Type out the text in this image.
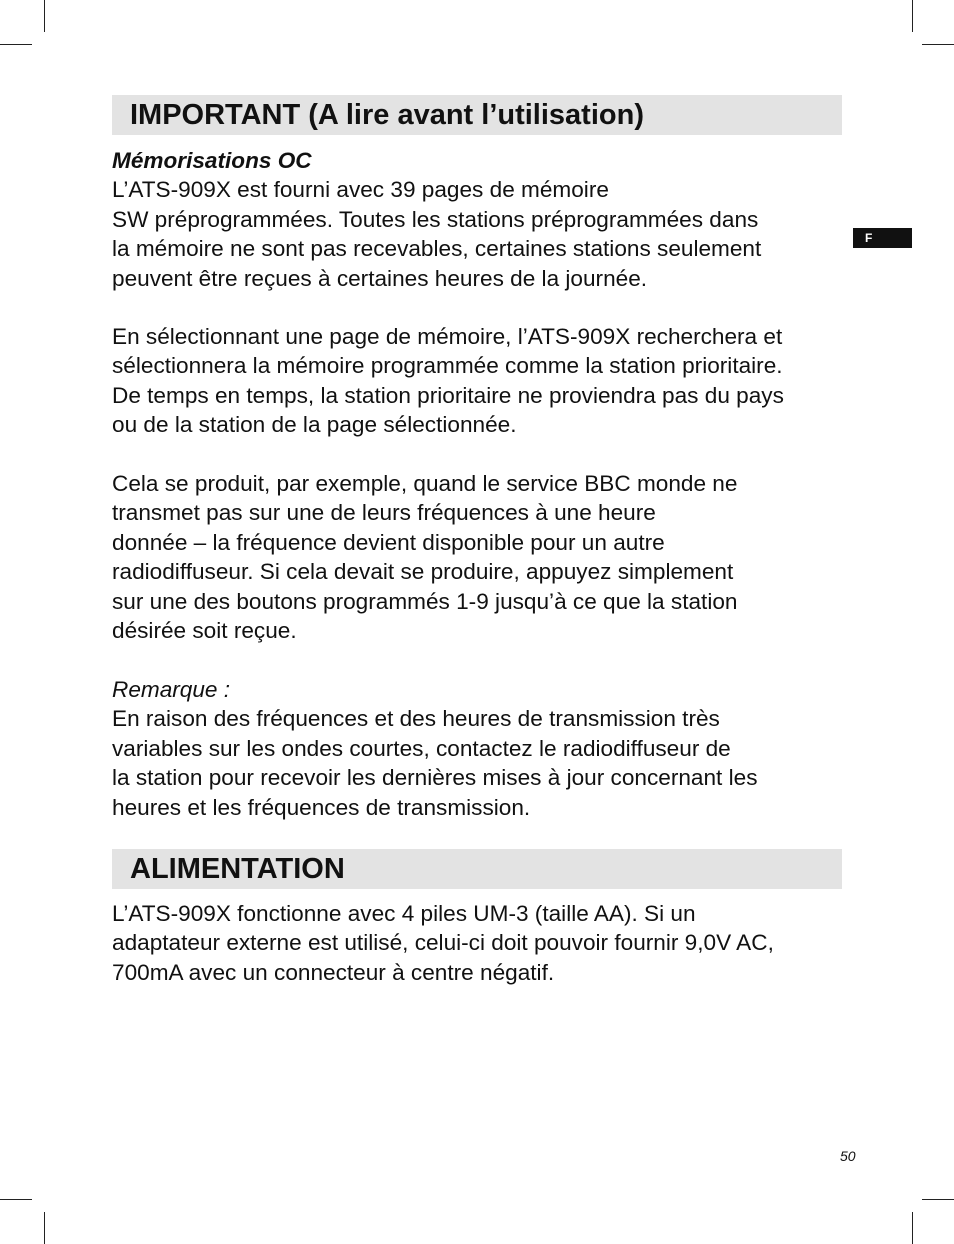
F
IMPORTANT (A lire avant l’utilisation)
Mémorisations OC
L’ATS-909X est fourni avec 39 pages de mémoire
SW préprogrammées. Toutes les stations préprogrammées dans
la mémoire ne sont pas recevables, certaines stations seulement
peuvent être reçues à certaines heures de la journée.
En sélectionnant une page de mémoire, l’ATS-909X recherchera et
sélectionnera la mémoire programmée comme la station prioritaire.
De temps en temps, la station prioritaire ne proviendra pas du pays
ou de la station de la page sélectionnée.
Cela se produit, par exemple, quand le service BBC monde ne
transmet pas sur une de leurs fréquences à une heure
donnée – la fréquence devient disponible pour un autre
radiodiffuseur. Si cela devait se produire, appuyez simplement
sur une des boutons programmés 1-9 jusqu’à ce que la station
désirée soit reçue.
Remarque :
En raison des fréquences et des heures de transmission très
variables sur les ondes courtes, contactez le radiodiffuseur de
la station pour recevoir les dernières mises à jour concernant les
heures et les fréquences de transmission.
ALIMENTATION
L’ATS-909X fonctionne avec 4 piles UM-3 (taille AA). Si un
adaptateur externe est utilisé, celui-ci doit pouvoir fournir 9,0V AC,
700mA avec un connecteur à centre négatif.
50
